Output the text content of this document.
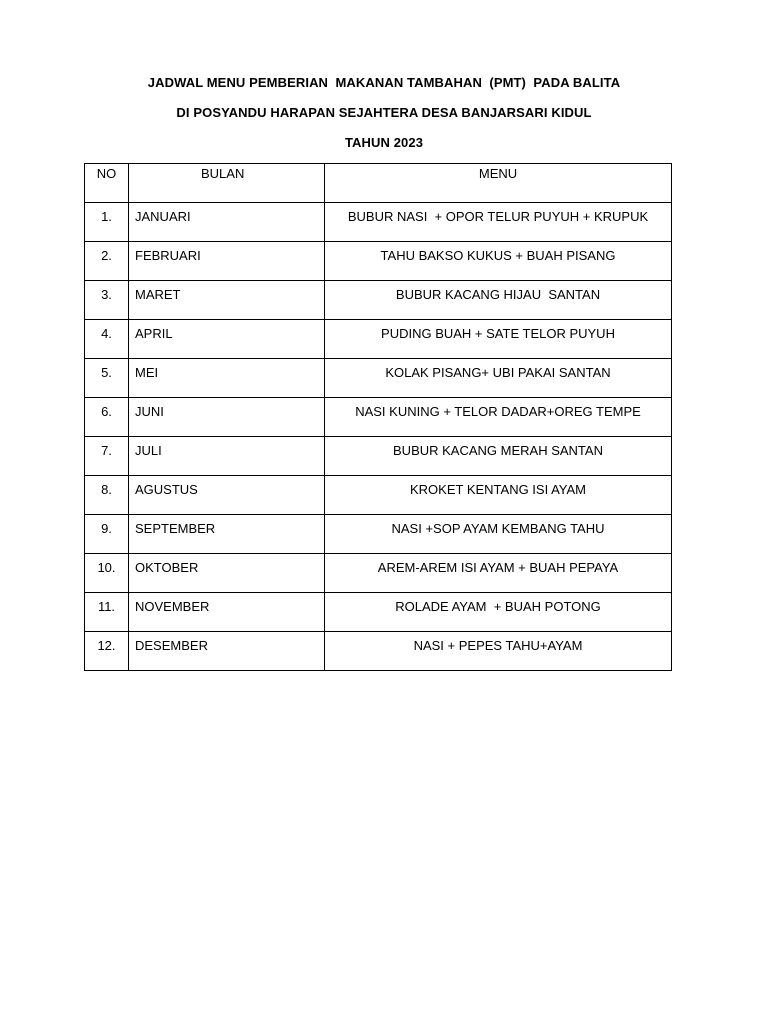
JADWAL MENU PEMBERIAN  MAKANAN TAMBAHAN  (PMT)  PADA BALITA
DI POSYANDU HARAPAN SEJAHTERA DESA BANJARSARI KIDUL
TAHUN 2023
NO	BULAN	MENU
1.	JANUARI	BUBUR NASI  + OPOR TELUR PUYUH + KRUPUK
2.	FEBRUARI	TAHU BAKSO KUKUS + BUAH PISANG
3.	MARET	BUBUR KACANG HIJAU  SANTAN
4.	APRIL	PUDING BUAH + SATE TELOR PUYUH
5.	MEI	KOLAK PISANG+ UBI PAKAI SANTAN
6.	JUNI	NASI KUNING + TELOR DADAR+OREG TEMPE
7.	JULI	BUBUR KACANG MERAH SANTAN
8.	AGUSTUS	KROKET KENTANG ISI AYAM
9.	SEPTEMBER	NASI +SOP AYAM KEMBANG TAHU
10.	OKTOBER	AREM-AREM ISI AYAM + BUAH PEPAYA
11.	NOVEMBER	ROLADE AYAM  + BUAH POTONG
12.	DESEMBER	NASI + PEPES TAHU+AYAM
